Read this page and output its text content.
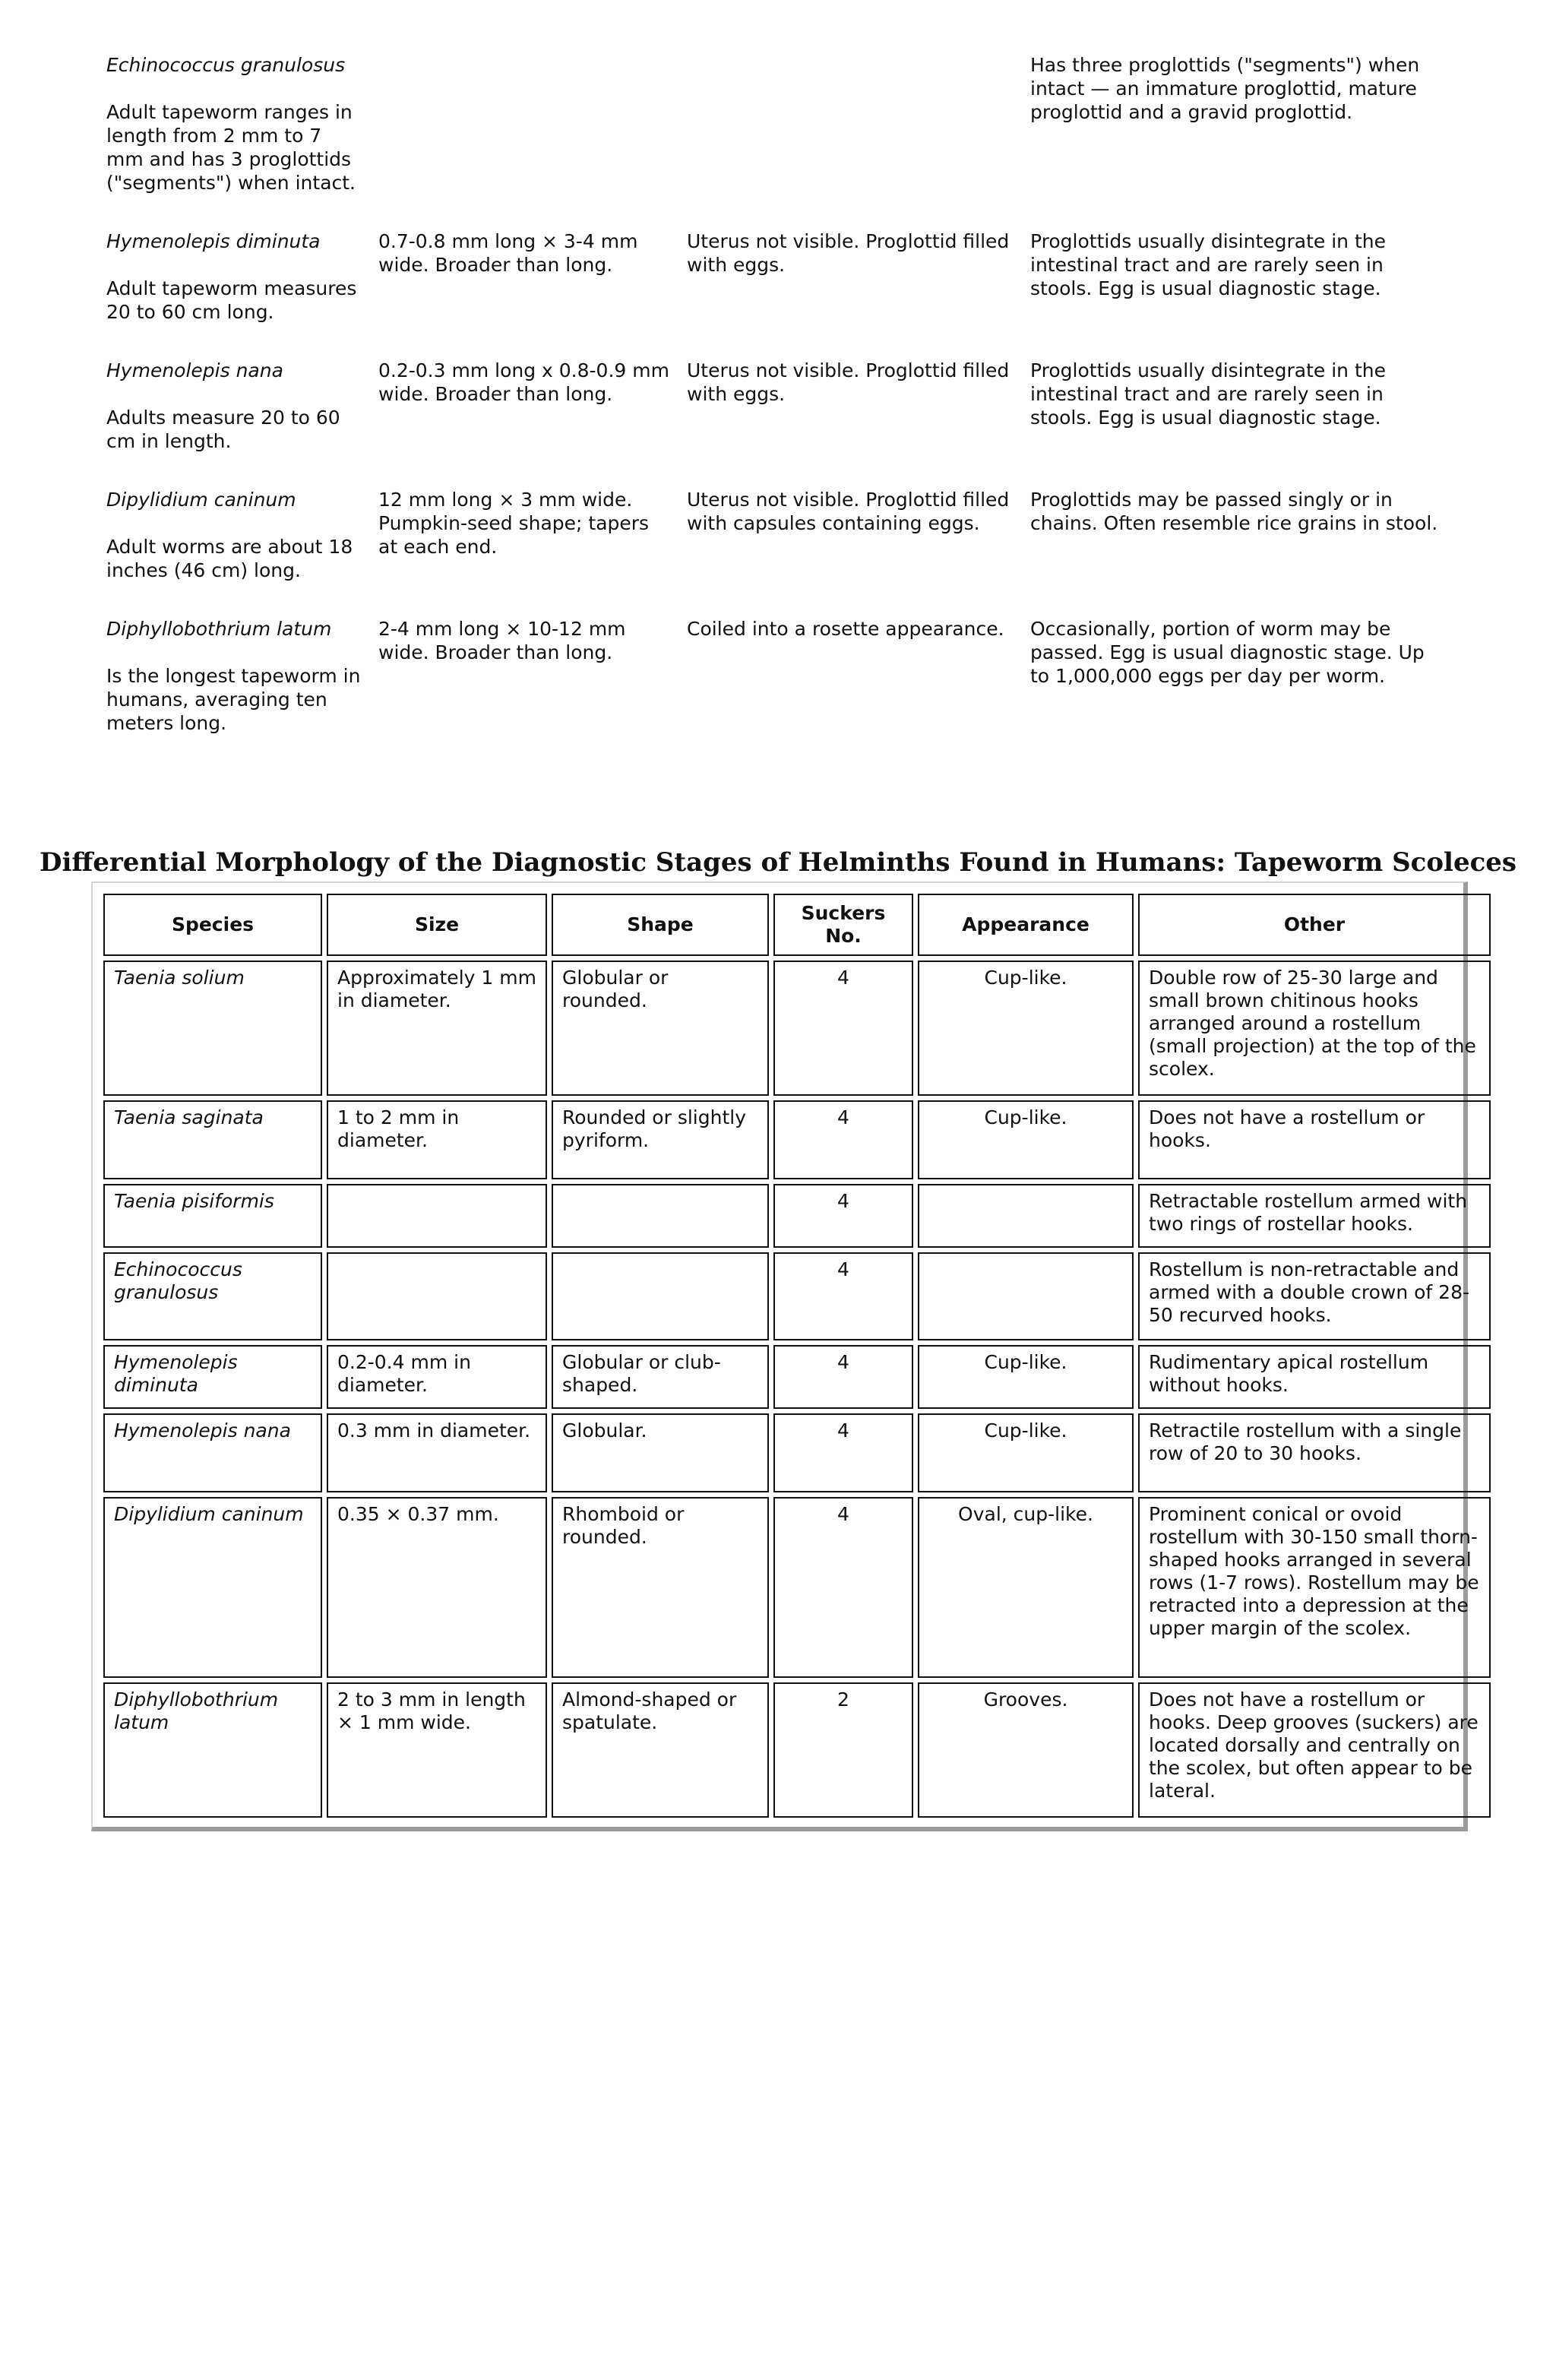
Echinococcus granulosus
Adult tapeworm ranges in length from 2 mm to 7 mm and has 3 proglottids ("segments") when intact.			Has three proglottids ("segments") when intact — an immature proglottid, mature proglottid and a gravid proglottid.

Hymenolepis diminuta
Adult tapeworm measures 20 to 60 cm long.	0.7-0.8 mm long × 3-4 mm wide. Broader than long.	Uterus not visible. Proglottid filled with eggs.	Proglottids usually disintegrate in the intestinal tract and are rarely seen in stools. Egg is usual diagnostic stage.

Hymenolepis nana
Adults measure 20 to 60 cm in length.	0.2-0.3 mm long x 0.8-0.9 mm wide. Broader than long.	Uterus not visible. Proglottid filled with eggs.	Proglottids usually disintegrate in the intestinal tract and are rarely seen in stools. Egg is usual diagnostic stage.

Dipylidium caninum
Adult worms are about 18 inches (46 cm) long.	12 mm long × 3 mm wide. Pumpkin-seed shape; tapers at each end.	Uterus not visible. Proglottid filled with capsules containing eggs.	Proglottids may be passed singly or in chains. Often resemble rice grains in stool.

Diphyllobothrium latum
Is the longest tapeworm in humans, averaging ten meters long.	2-4 mm long × 10-12 mm wide. Broader than long.	Coiled into a rosette appearance.	Occasionally, portion of worm may be passed. Egg is usual diagnostic stage. Up to 1,000,000 eggs per day per worm.
Differential Morphology of the Diagnostic Stages of Helminths Found in Humans: Tapeworm Scoleces
Species	Size	Shape	Suckers No.	Appearance	Other
Taenia solium	Approximately 1 mm in diameter.	Globular or rounded.	4	Cup-like.	Double row of 25-30 large and small brown chitinous hooks arranged around a rostellum (small projection) at the top of the scolex.
Taenia saginata	1 to 2 mm in diameter.	Rounded or slightly pyriform.	4	Cup-like.	Does not have a rostellum or hooks.
Taenia pisiformis			4		Retractable rostellum armed with two rings of rostellar hooks.
Echinococcus granulosus			4		Rostellum is non-retractable and armed with a double crown of 28-50 recurved hooks.
Hymenolepis diminuta	0.2-0.4 mm in diameter.	Globular or club-shaped.	4	Cup-like.	Rudimentary apical rostellum without hooks.
Hymenolepis nana	0.3 mm in diameter.	Globular.	4	Cup-like.	Retractile rostellum with a single row of 20 to 30 hooks.
Dipylidium caninum	0.35 × 0.37 mm.	Rhomboid or rounded.	4	Oval, cup-like.	Prominent conical or ovoid rostellum with 30-150 small thorn-shaped hooks arranged in several rows (1-7 rows). Rostellum may be retracted into a depression at the upper margin of the scolex.
Diphyllobothrium latum	2 to 3 mm in length × 1 mm wide.	Almond-shaped or spatulate.	2	Grooves.	Does not have a rostellum or hooks. Deep grooves (suckers) are located dorsally and centrally on the scolex, but often appear to be lateral.
